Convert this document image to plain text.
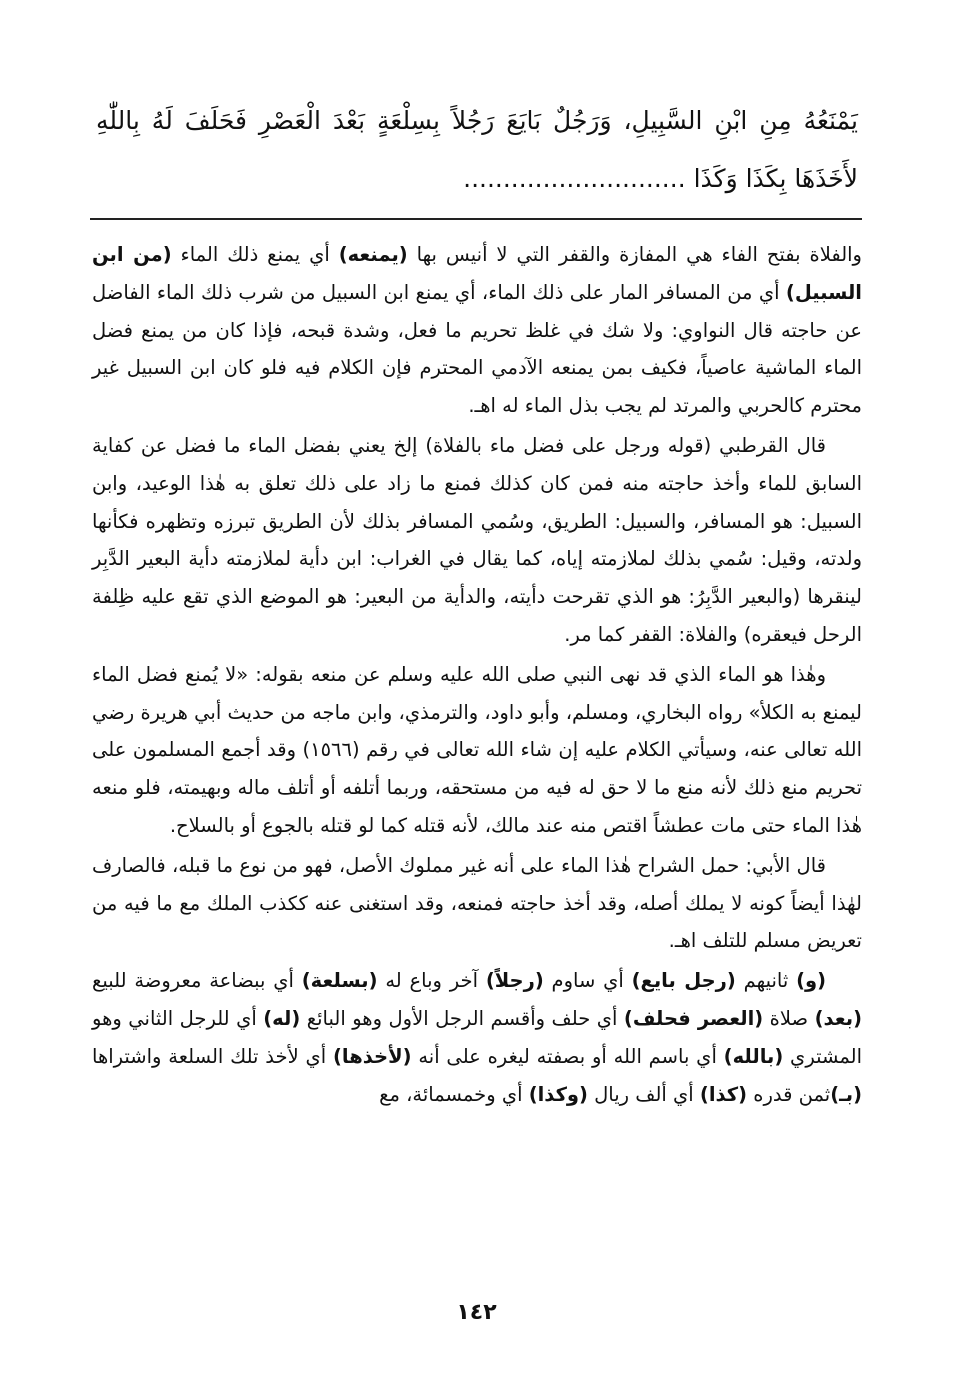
يَمْنَعُهُ مِنِ ابْنِ السَّبِيلِ، وَرَجُلٌ بَايَعَ رَجُلاً بِسِلْعَةٍ بَعْدَ الْعَصْرِ فَحَلَفَ لَهُ بِاللّٰهِ لأَخَذَهَا بِكَذَا وَكَذَا ............................

والفلاة بفتح الفاء هي المفازة والقفر التي لا أنيس بها (يمنعه) أي يمنع ذلك الماء (من ابن السبيل) أي من المسافر المار على ذلك الماء، أي يمنع ابن السبيل من شرب ذلك الماء الفاضل عن حاجته قال النواوي: ولا شك في غلظ تحريم ما فعل، وشدة قبحه، فإذا كان من يمنع فضل الماء الماشية عاصياً، فكيف بمن يمنعه الآدمي المحترم فإن الكلام فيه فلو كان ابن السبيل غير محترم كالحربي والمرتد لم يجب بذل الماء له اهـ.

قال القرطبي (قوله ورجل على فضل ماء بالفلاة) إلخ يعني بفضل الماء ما فضل عن كفاية السابق للماء وأخذ حاجته منه فمن كان كذلك فمنع ما زاد على ذلك تعلق به هٰذا الوعيد، وابن السبيل: هو المسافر، والسبيل: الطريق، وسُمي المسافر بذلك لأن الطريق تبرزه وتظهره فكأنها ولدته، وقيل: سُمي بذلك لملازمته إياه، كما يقال في الغراب: ابن دأية لملازمته دأية البعير الدَّبِر لينقرها (والبعير الدَّبِرُ: هو الذي تقرحت دأيته، والدأية من البعير: هو الموضع الذي تقع عليه ظِلفة الرحل فيعقره) والفلاة: القفر كما مر.

وهٰذا هو الماء الذي قد نهى النبي صلى الله عليه وسلم عن منعه بقوله: «لا يُمنع فضل الماء ليمنع به الكلأ» رواه البخاري، ومسلم، وأبو داود، والترمذي، وابن ماجه من حديث أبي هريرة رضي الله تعالى عنه، وسيأتي الكلام عليه إن شاء الله تعالى في رقم (١٥٦٦) وقد أجمع المسلمون على تحريم منع ذلك لأنه منع ما لا حق له فيه من مستحقه، وربما أتلفه أو أتلف ماله وبهيمته، فلو منعه هٰذا الماء حتى مات عطشاً اقتص منه عند مالك، لأنه قتله كما لو قتله بالجوع أو بالسلاح.

قال الأبي: حمل الشراح هٰذا الماء على أنه غير مملوك الأصل، فهو من نوع ما قبله، فالصارف لهٰذا أيضاً كونه لا يملك أصله، وقد أخذ حاجته فمنعه، وقد استغنى عنه ككذب الملك مع ما فيه من تعريض مسلم للتلف اهـ.

(و) ثانيهم (رجل بايع) أي ساوم (رجلاً) آخر وباع له (بسلعة) أي ببضاعة معروضة للبيع (بعد) صلاة (العصر فحلف) أي حلف وأقسم الرجل الأول وهو البائع (له) أي للرجل الثاني وهو المشتري (بالله) أي باسم الله أو بصفته ليغره على أنه (لأخذها) أي لأخذ تلك السلعة واشتراها (بـ)ثمن قدره (كذا) أي ألف ريال (وكذا) أي وخمسمائة، مع

١٤٢
